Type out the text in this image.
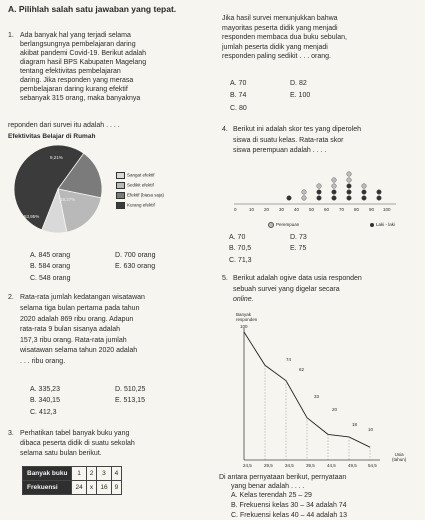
A. Pilihlah salah satu jawaban yang tepat.
1. Ada banyak hal yang terjadi selama
berlangsungnya pembelajaran daring
akibat pandemi Covid-19. Berikut adalah
diagram hasil BPS Kabupaten Magelang
tentang efektivitas pembelajaran
daring. Jika responden yang merasa
pembelajaran daring kurang efektif
sebanyak 315 orang, maka banyaknya
reponden dari survei itu adalah . . . .
Efektivitas Belajar di Rumah
9,21%
18,27%
53,95%
18,57%
Sangat efektif
Sedikit efektif
Efektif (biasa saja)
Kurang efektif
A. 845 orang	D. 700 orang
B. 584 orang	E. 630 orang
C. 548 orang
2. Rata-rata jumlah kedatangan wisatawan
selama tiga bulan pertama pada tahun
2020 adalah 869 ribu orang. Adapun
rata-rata 9 bulan sisanya adalah
157,3 ribu orang. Rata-rata jumlah
wisatawan selama tahun 2020 adalah
. . . ribu orang.
A. 335,23	D. 510,25
B. 340,15	E. 513,15
C. 412,3
3. Perhatikan tabel banyak buku yang
dibaca peserta didik di suatu sekolah
selama satu bulan berikut.
Banyak buku	1	2	3	4
Frekuensi	24	x	16	9
Jika hasil survei menunjukkan bahwa
mayoritas peserta didik yang menjadi
responden membaca dua buku sebulan,
jumlah peserta didik yang menjadi
responden paling sedikit . . . orang.
A. 70	D. 82
B. 74	E. 100
C. 80
4. Berikut ini adalah skor tes yang diperoleh
siswa di suatu kelas. Rata-rata skor
siswa perempuan adalah . . . .
0	10 20 30 40 50 60 70 80 90 100
Perempuan	Laki - laki
A. 70	D. 73
B. 70,5	E. 75
C. 71,3
5. Berikut adalah ogive data usia responden
sebuah survei yang digelar secara
online.
Banyak
responden
100
74
62
33
20
18
10
24,5	29,5	34,5	39,5	44,5	49,5 54,5
Usia
(tahun)
Di antara pernyataan berikut, pernyataan
yang benar adalah . . . .
A. Kelas terendah 25 – 29
B. Frekuensi kelas 30 – 34 adalah 74
C. Frekuensi kelas 40 – 44 adalah 13
